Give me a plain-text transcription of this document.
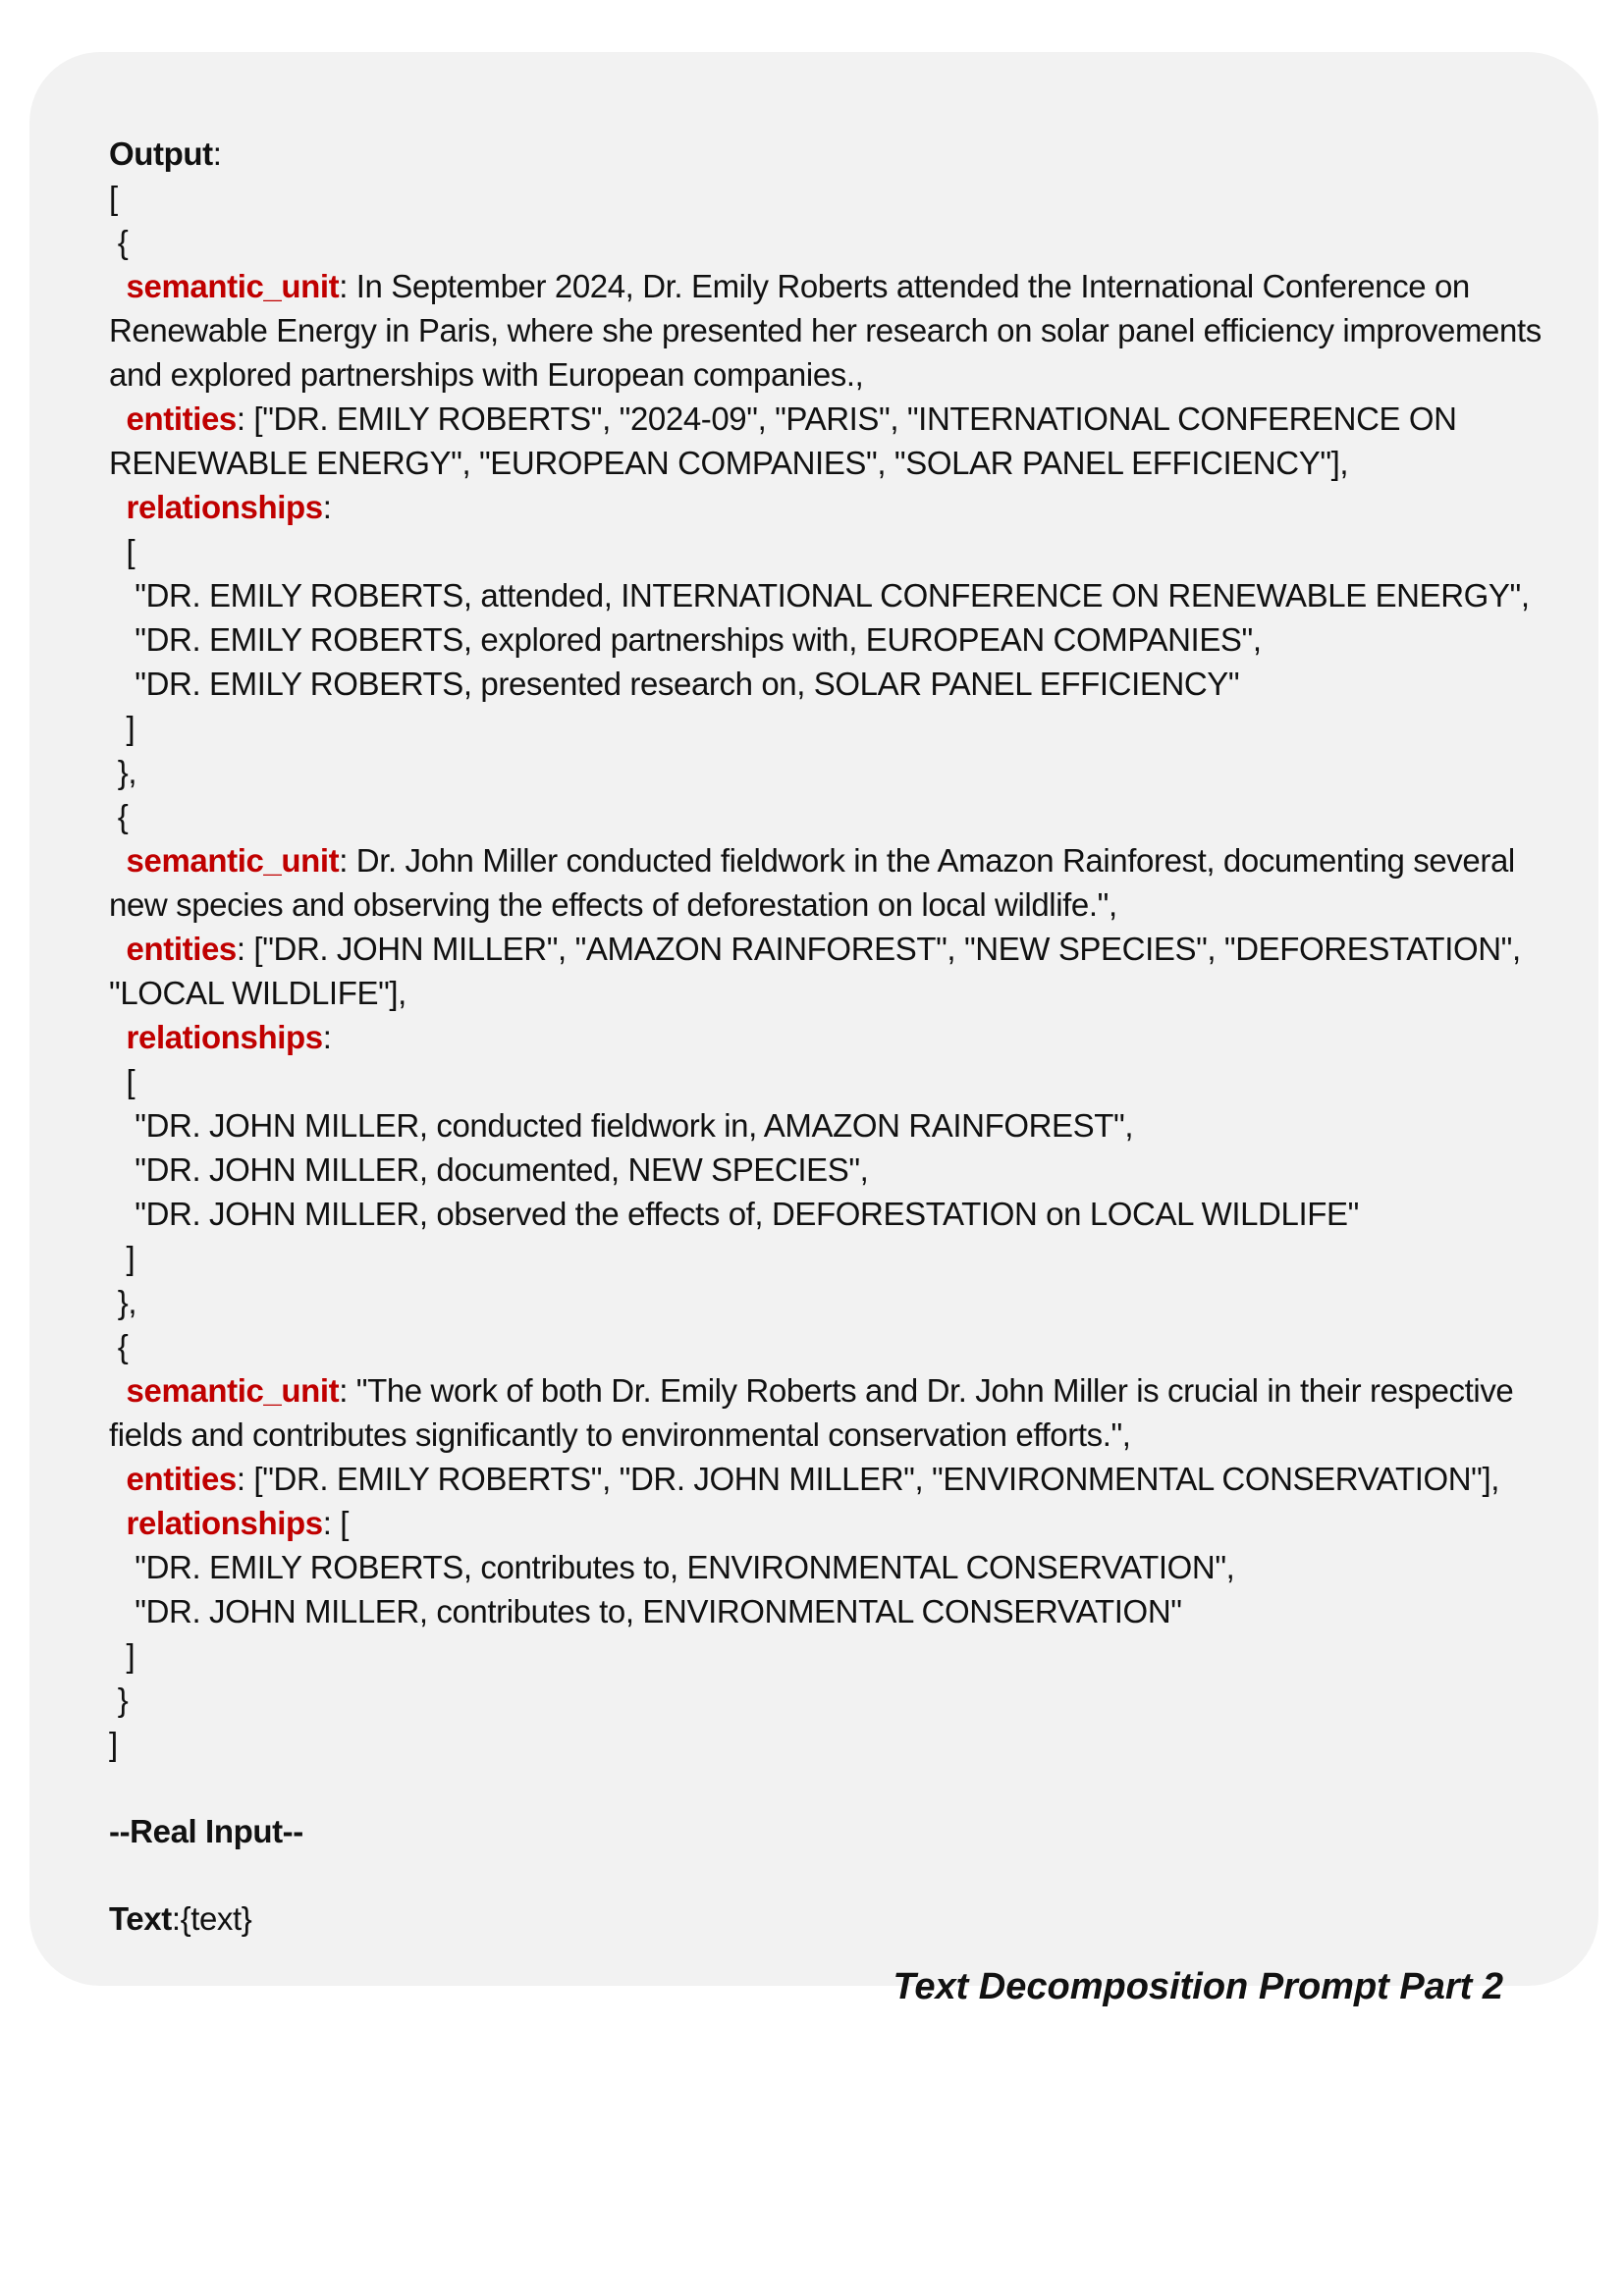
Output:
[
{
semantic_unit: In September 2024, Dr. Emily Roberts attended the International Conference on
Renewable Energy in Paris, where she presented her research on solar panel efficiency improvements
and explored partnerships with European companies.,
entities: ["DR. EMILY ROBERTS", "2024-09", "PARIS", "INTERNATIONAL CONFERENCE ON
RENEWABLE ENERGY", "EUROPEAN COMPANIES", "SOLAR PANEL EFFICIENCY"],
relationships:
[
"DR. EMILY ROBERTS, attended, INTERNATIONAL CONFERENCE ON RENEWABLE ENERGY",
"DR. EMILY ROBERTS, explored partnerships with, EUROPEAN COMPANIES",
"DR. EMILY ROBERTS, presented research on, SOLAR PANEL EFFICIENCY"
]
},
{
semantic_unit: Dr. John Miller conducted fieldwork in the Amazon Rainforest, documenting several
new species and observing the effects of deforestation on local wildlife.",
entities: ["DR. JOHN MILLER", "AMAZON RAINFOREST", "NEW SPECIES", "DEFORESTATION",
"LOCAL WILDLIFE"],
relationships:
[
"DR. JOHN MILLER, conducted fieldwork in, AMAZON RAINFOREST",
"DR. JOHN MILLER, documented, NEW SPECIES",
"DR. JOHN MILLER, observed the effects of, DEFORESTATION on LOCAL WILDLIFE"
]
},
{
semantic_unit: "The work of both Dr. Emily Roberts and Dr. John Miller is crucial in their respective
fields and contributes significantly to environmental conservation efforts.",
entities: ["DR. EMILY ROBERTS", "DR. JOHN MILLER", "ENVIRONMENTAL CONSERVATION"],
relationships: [
"DR. EMILY ROBERTS, contributes to, ENVIRONMENTAL CONSERVATION",
"DR. JOHN MILLER, contributes to, ENVIRONMENTAL CONSERVATION"
]
}
]
--Real Input--
Text:{text}
Text Decomposition Prompt Part 2
